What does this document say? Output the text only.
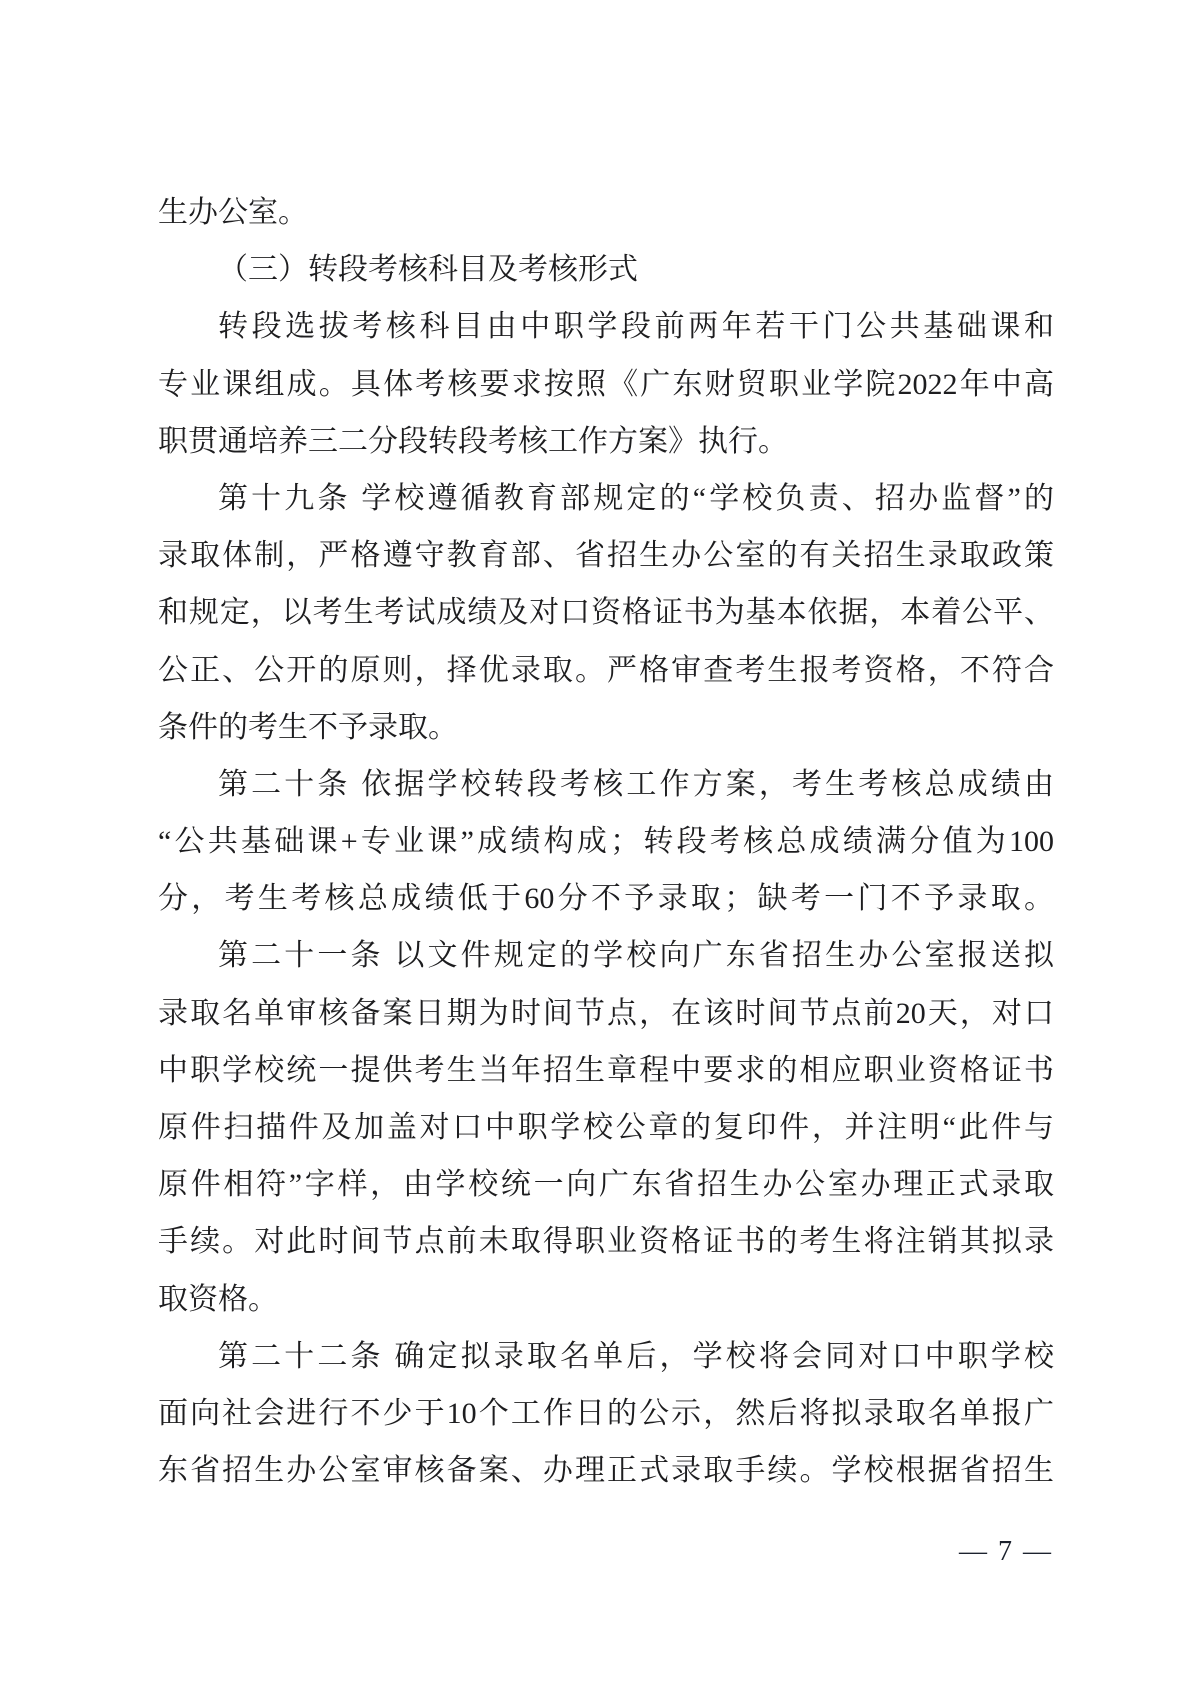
生办公室。
（三）转段考核科目及考核形式
转段选拔考核科目由中职学段前两年若干门公共基础课和
专业课组成。具体考核要求按照《广东财贸职业学院2022年中高
职贯通培养三二分段转段考核工作方案》执行。
第十九条 学校遵循教育部规定的“学校负责、招办监督”的
录取体制，严格遵守教育部、省招生办公室的有关招生录取政策
和规定，以考生考试成绩及对口资格证书为基本依据，本着公平、
公正、公开的原则，择优录取。严格审查考生报考资格，不符合
条件的考生不予录取。
第二十条 依据学校转段考核工作方案，考生考核总成绩由
“公共基础课+专业课”成绩构成；转段考核总成绩满分值为100
分，考生考核总成绩低于60分不予录取；缺考一门不予录取。
第二十一条 以文件规定的学校向广东省招生办公室报送拟
录取名单审核备案日期为时间节点，在该时间节点前20天，对口
中职学校统一提供考生当年招生章程中要求的相应职业资格证书
原件扫描件及加盖对口中职学校公章的复印件，并注明“此件与
原件相符”字样，由学校统一向广东省招生办公室办理正式录取
手续。对此时间节点前未取得职业资格证书的考生将注销其拟录
取资格。
第二十二条 确定拟录取名单后，学校将会同对口中职学校
面向社会进行不少于10个工作日的公示，然后将拟录取名单报广
东省招生办公室审核备案、办理正式录取手续。学校根据省招生
— 7 —
